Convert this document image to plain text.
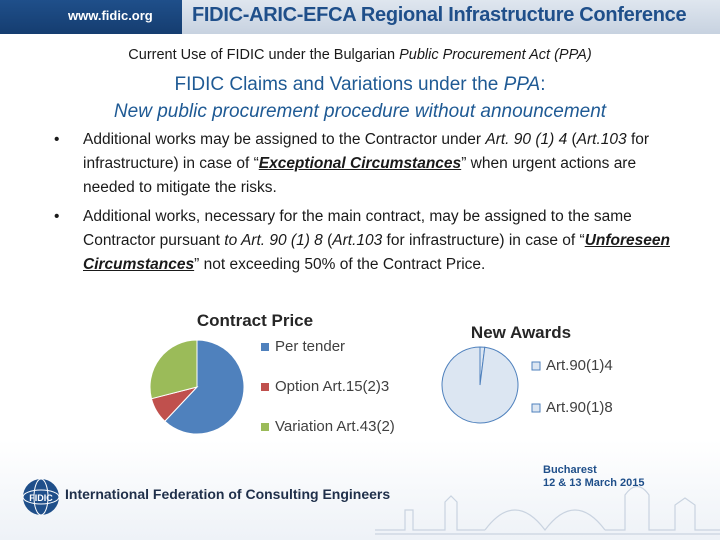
www.fidic.org FIDIC-ARIC-EFCA Regional Infrastructure Conference
Current Use of FIDIC under the Bulgarian Public Procurement Act (PPA)
FIDIC Claims and Variations under the PPA:
New public procurement procedure without announcement
• Additional works may be assigned to the Contractor under Art. 90 (1) 4 (Art.103 for infrastructure) in case of “Exceptional Circumstances” when urgent actions are needed to mitigate the risks.
• Additional works, necessary for the main contract, may be assigned to the same Contractor pursuant to Art. 90 (1) 8 (Art.103 for infrastructure) in case of “Unforeseen Circumstances” not exceeding 50% of the Contract Price.
Contract Price
Per tender
Option Art.15(2)3
Variation Art.43(2)
New Awards
Art.90(1)4
Art.90(1)8
FIDIC International Federation of Consulting Engineers
Bucharest
12 & 13 March 2015
